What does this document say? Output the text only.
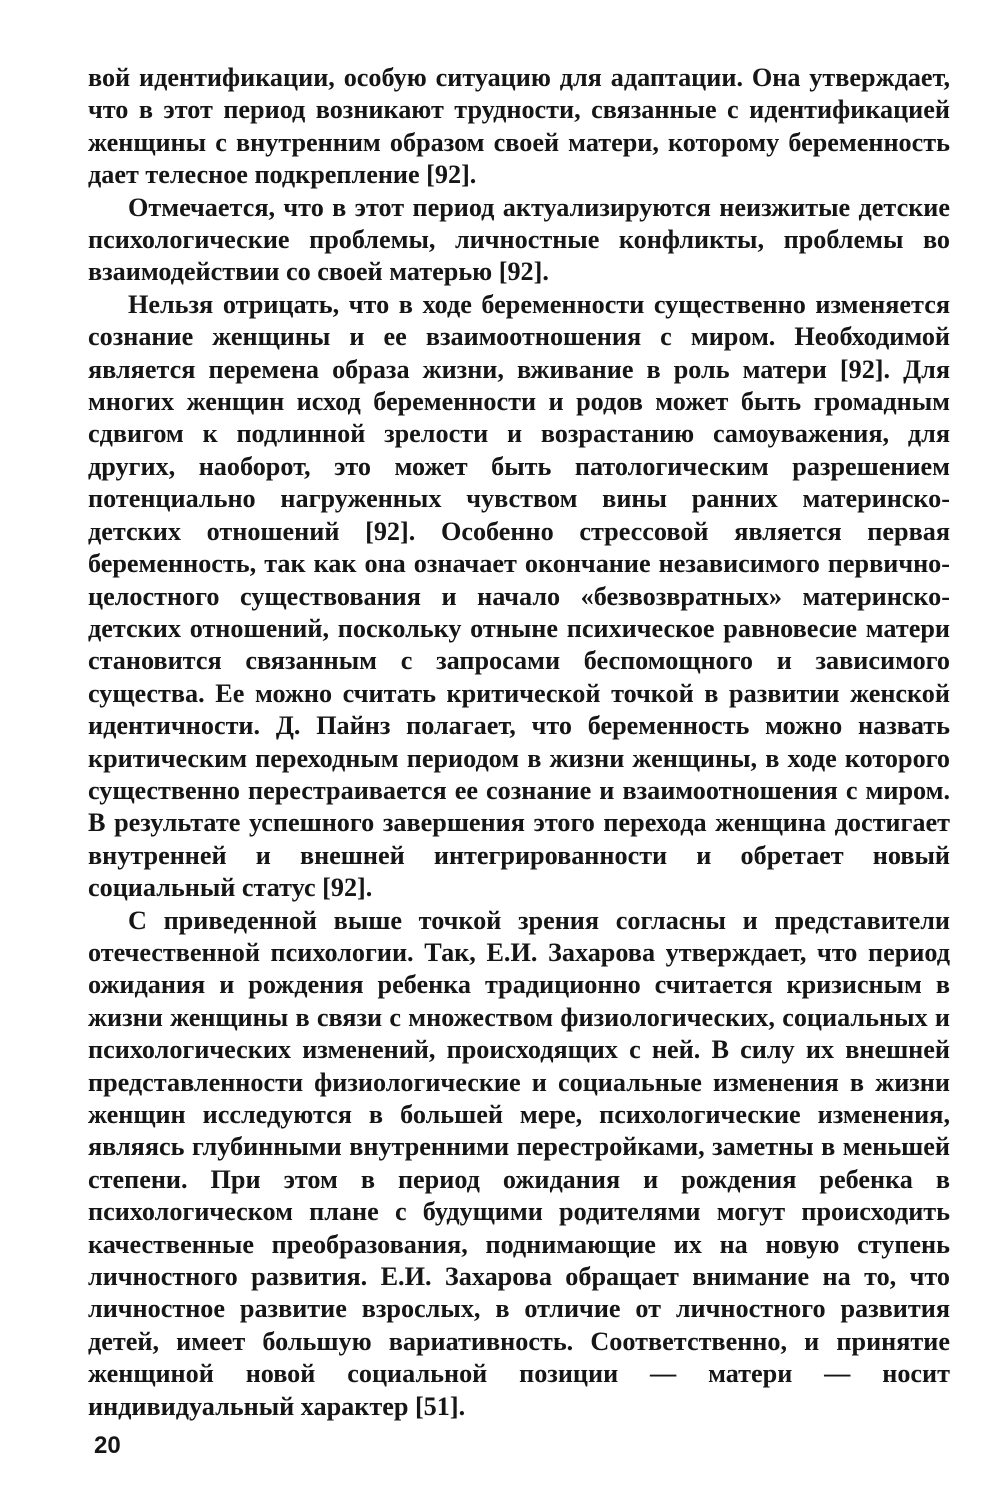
вой идентификации, особую ситуацию для адаптации. Она утверждает, что в этот период возникают трудности, связанные с идентификацией женщины с внутренним образом своей матери, которому беременность дает телесное подкрепление [92].

Отмечается, что в этот период актуализируются неизжитые детские психологические проблемы, личностные конфликты, проблемы во взаимодействии со своей матерью [92].

Нельзя отрицать, что в ходе беременности существенно изменяется сознание женщины и ее взаимоотношения с миром. Необходимой является перемена образа жизни, вживание в роль матери [92]. Для многих женщин исход беременности и родов может быть громадным сдвигом к подлинной зрелости и возрастанию самоуважения, для других, наоборот, это может быть патологическим разрешением потенциально нагруженных чувством вины ранних материнско-детских отношений [92]. Особенно стрессовой является первая беременность, так как она означает окончание независимого первично-целостного существования и начало «безвозвратных» материнско-детских отношений, поскольку отныне психическое равновесие матери становится связанным с запросами беспомощного и зависимого существа. Ее можно считать критической точкой в развитии женской идентичности. Д. Пайнз полагает, что беременность можно назвать критическим переходным периодом в жизни женщины, в ходе которого существенно перестраивается ее сознание и взаимоотношения с миром. В результате успешного завершения этого перехода женщина достигает внутренней и внешней интегрированности и обретает новый социальный статус [92].

С приведенной выше точкой зрения согласны и представители отечественной психологии. Так, Е.И. Захарова утверждает, что период ожидания и рождения ребенка традиционно считается кризисным в жизни женщины в связи с множеством физиологических, социальных и психологических изменений, происходящих с ней. В силу их внешней представленности физиологические и социальные изменения в жизни женщин исследуются в большей мере, психологические изменения, являясь глубинными внутренними перестройками, заметны в меньшей степени. При этом в период ожидания и рождения ребенка в психологическом плане с будущими родителями могут происходить качественные преобразования, поднимающие их на новую ступень личностного развития. Е.И. Захарова обращает внимание на то, что личностное развитие взрослых, в отличие от личностного развития детей, имеет большую вариативность. Соответственно, и принятие женщиной новой социальной позиции — матери — носит индивидуальный характер [51].

20
